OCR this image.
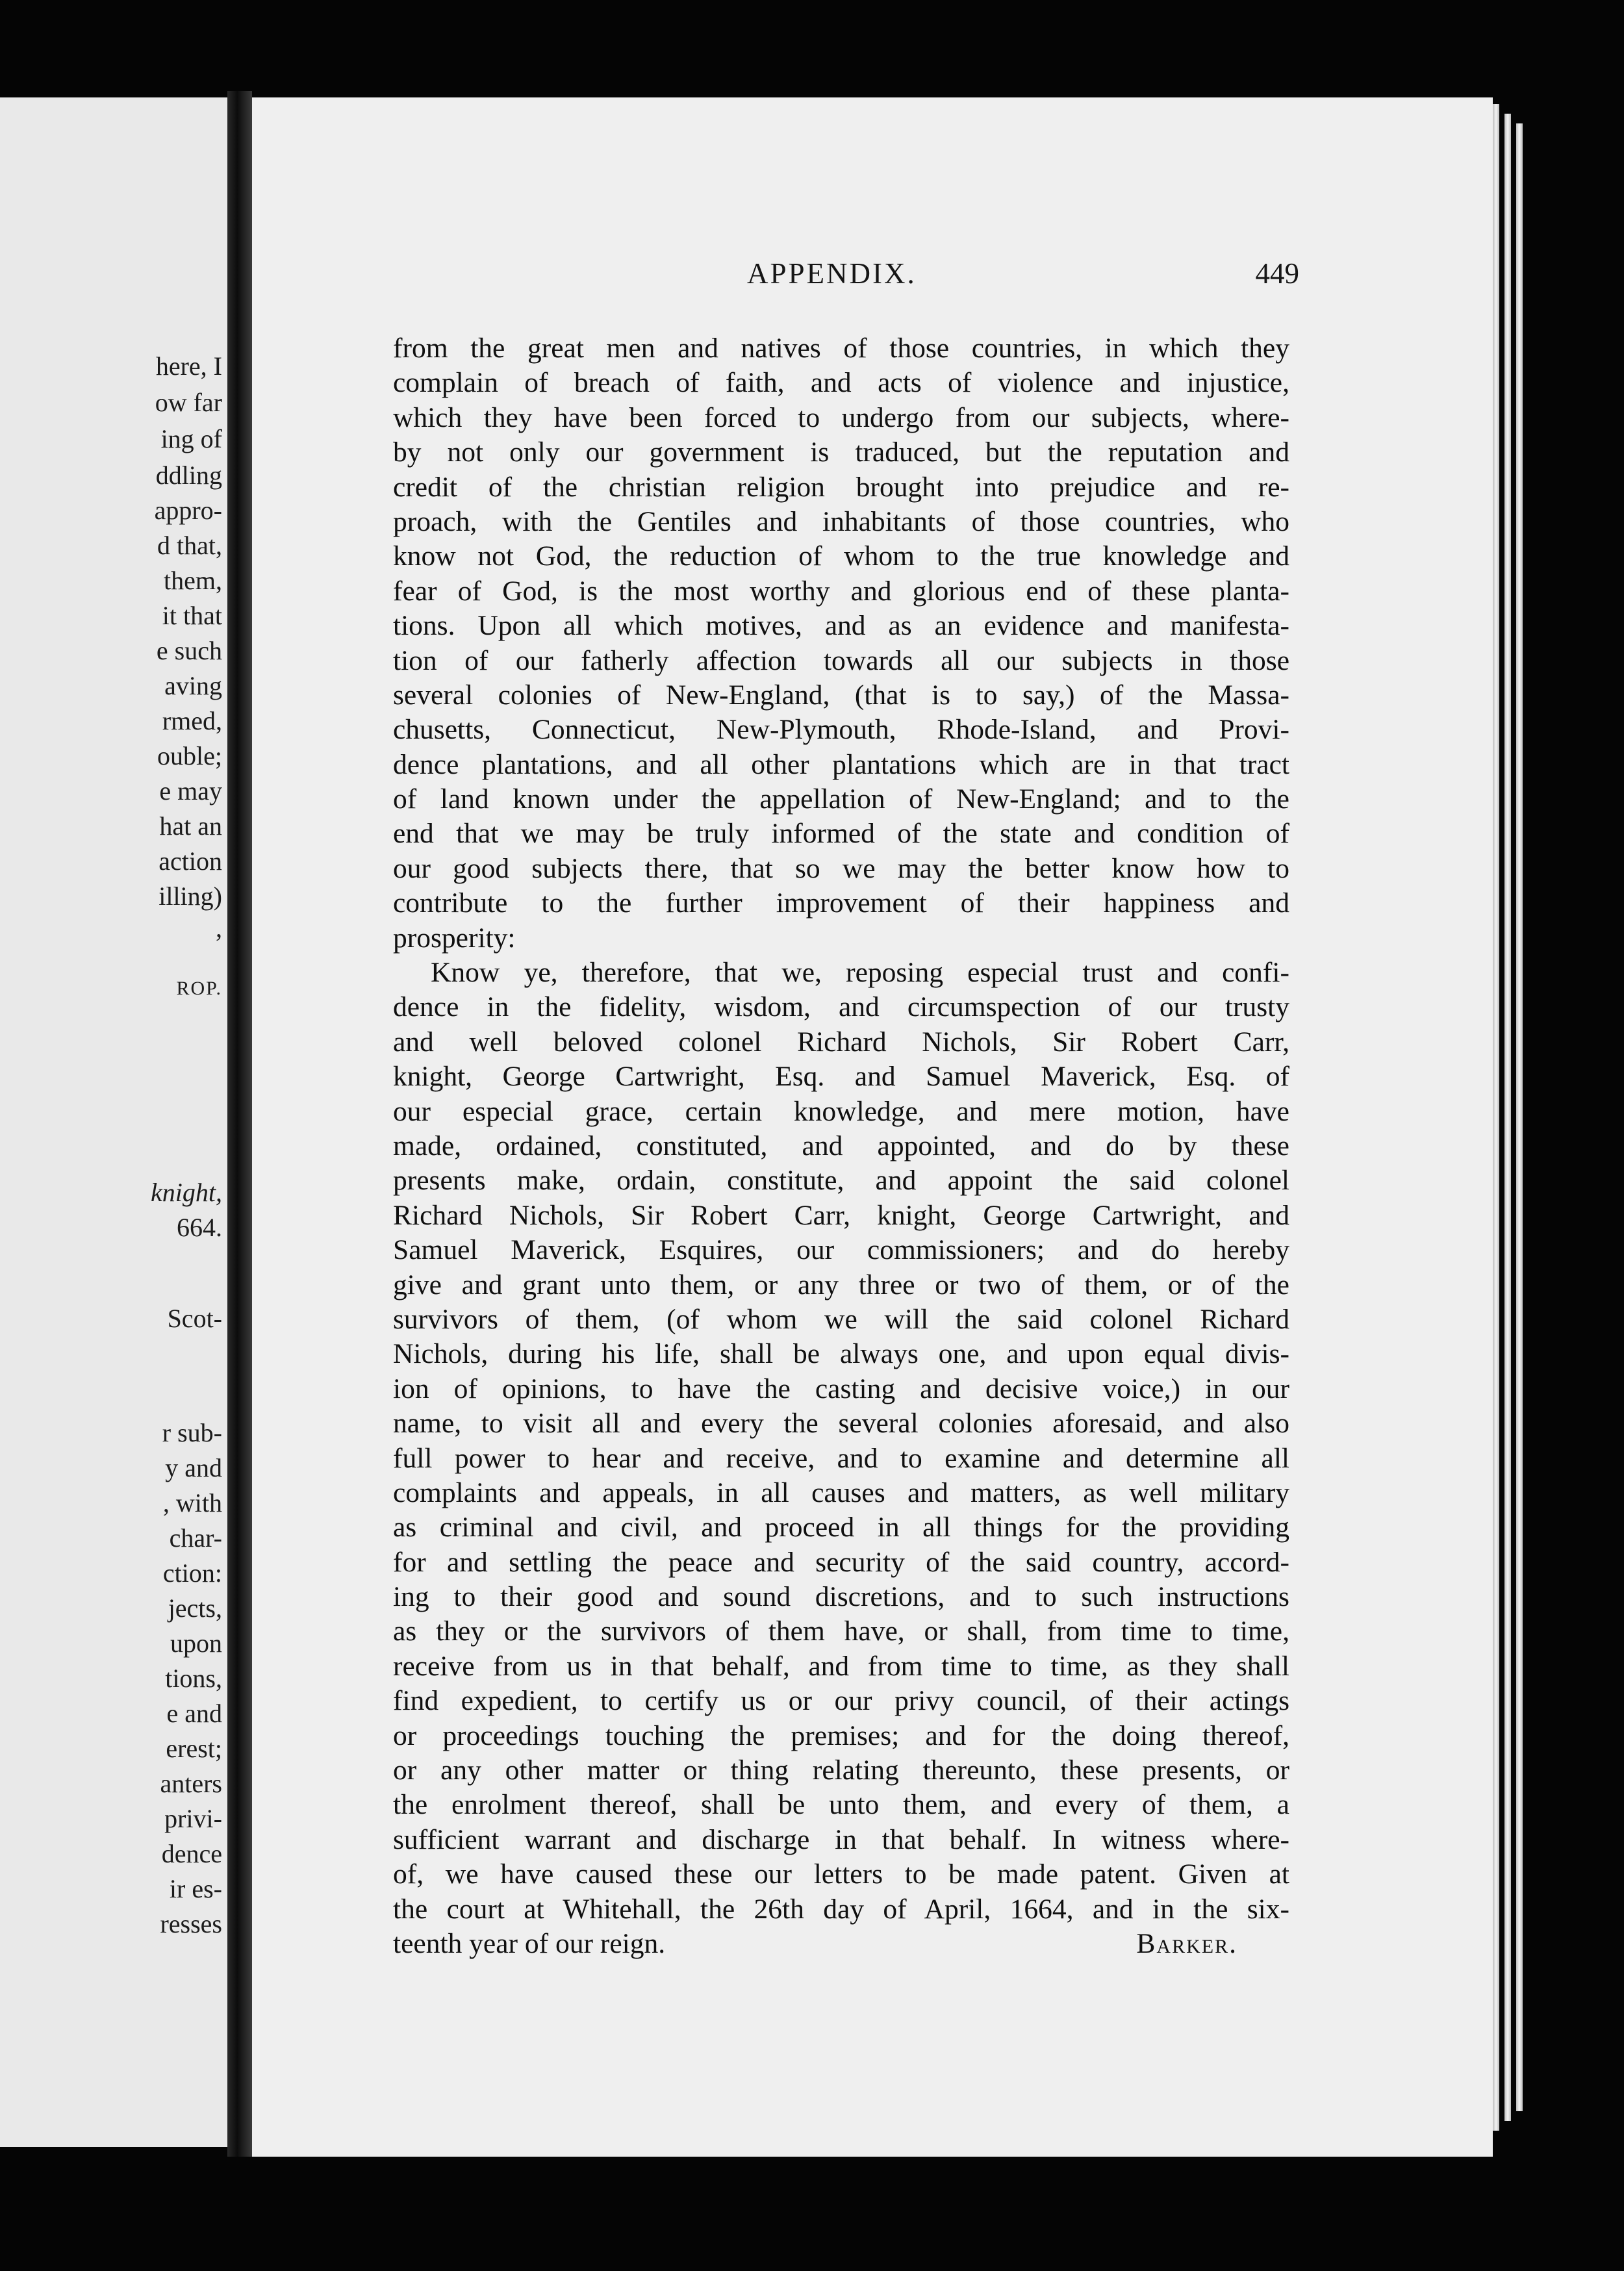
here, I
ow far
ing of
ddling
appro-
d that,
them,
it that
e such
aving
rmed,
ouble;
e may
hat an
action
illing)
,
ROP.
knight,
664.
Scot-
r sub-
y and
, with
char-
ction:
jects,
upon
tions,
e and
erest;
anters
privi-
dence
ir es-
resses
APPENDIX.	449
from the great men and natives of those countries, in which they
complain of breach of faith, and acts of violence and injustice,
which they have been forced to undergo from our subjects, where-
by not only our government is traduced, but the reputation and
credit of the christian religion brought into prejudice and re-
proach, with the Gentiles and inhabitants of those countries, who
know not God, the reduction of whom to the true knowledge and
fear of God, is the most worthy and glorious end of these planta-
tions. Upon all which motives, and as an evidence and manifesta-
tion of our fatherly affection towards all our subjects in those
several colonies of New-England, (that is to say,) of the Massa-
chusetts, Connecticut, New-Plymouth, Rhode-Island, and Provi-
dence plantations, and all other plantations which are in that tract
of land known under the appellation of New-England; and to the
end that we may be truly informed of the state and condition of
our good subjects there, that so we may the better know how to
contribute to the further improvement of their happiness and
prosperity:
Know ye, therefore, that we, reposing especial trust and confi-
dence in the fidelity, wisdom, and circumspection of our trusty
and well beloved colonel Richard Nichols, Sir Robert Carr,
knight, George Cartwright, Esq. and Samuel Maverick, Esq. of
our especial grace, certain knowledge, and mere motion, have
made, ordained, constituted, and appointed, and do by these
presents make, ordain, constitute, and appoint the said colonel
Richard Nichols, Sir Robert Carr, knight, George Cartwright, and
Samuel Maverick, Esquires, our commissioners; and do hereby
give and grant unto them, or any three or two of them, or of the
survivors of them, (of whom we will the said colonel Richard
Nichols, during his life, shall be always one, and upon equal divis-
ion of opinions, to have the casting and decisive voice,) in our
name, to visit all and every the several colonies aforesaid, and also
full power to hear and receive, and to examine and determine all
complaints and appeals, in all causes and matters, as well military
as criminal and civil, and proceed in all things for the providing
for and settling the peace and security of the said country, accord-
ing to their good and sound discretions, and to such instructions
as they or the survivors of them have, or shall, from time to time,
receive from us in that behalf, and from time to time, as they shall
find expedient, to certify us or our privy council, of their actings
or proceedings touching the premises; and for the doing thereof,
or any other matter or thing relating thereunto, these presents, or
the enrolment thereof, shall be unto them, and every of them, a
sufficient warrant and discharge in that behalf. In witness where-
of, we have caused these our letters to be made patent. Given at
the court at Whitehall, the 26th day of April, 1664, and in the six-
teenth year of our reign.	Barker.
